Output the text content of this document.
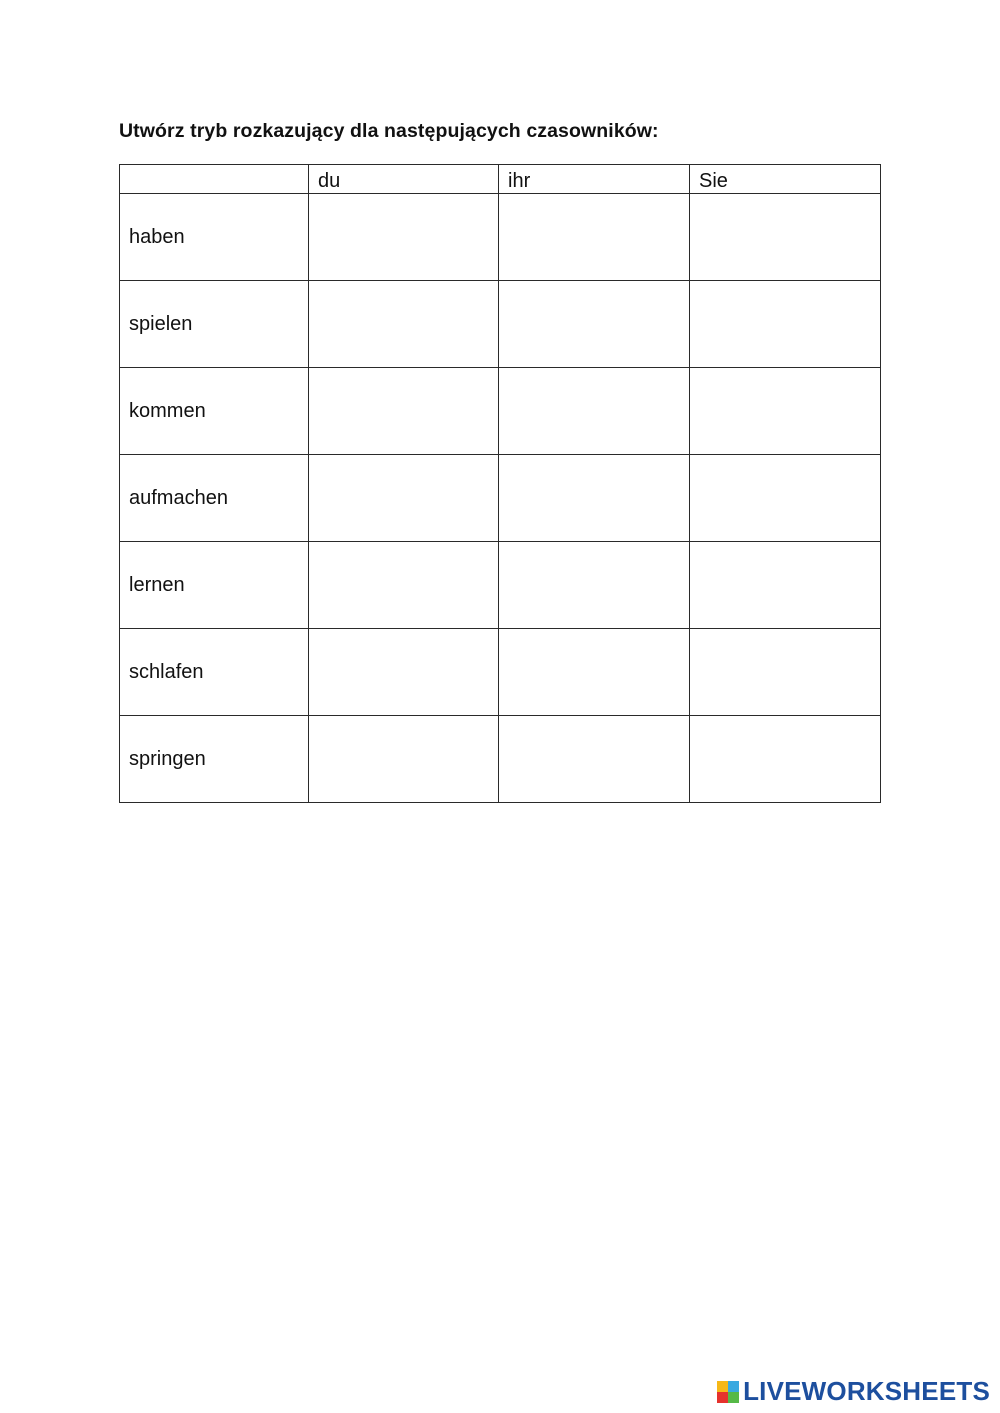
Utwórz tryb rozkazujący dla następujących czasowników:
	du	ihr	Sie
haben			
spielen			
kommen			
aufmachen			
lernen			
schlafen			
springen			
LIVEWORKSHEETS
